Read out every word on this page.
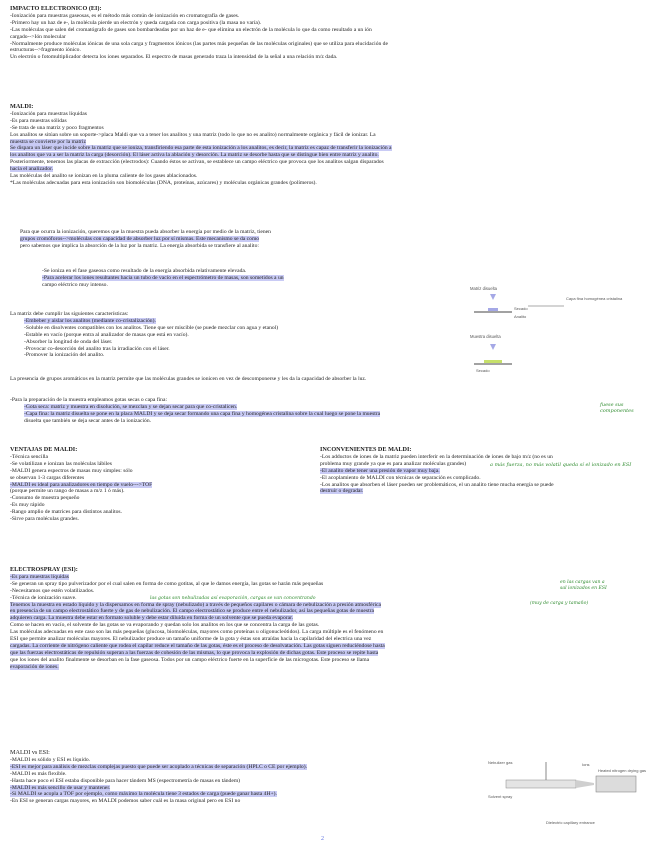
IMPACTO ELECTRÓNICO (EI):

-Ionización para muestras gaseosas, es el método más común de ionización en cromatografía de gases.

-Primero hay un haz de e-, la molécula pierde un electrón y queda cargada con carga positiva (la masa no varía).

-Las moléculas que salen del cromatógrafo de gases son bombardeadas por un haz de e- que elimina un electrón de la molécula lo que da como resultado a un ión

cargado-->Ión molecular

-Normalmente produce moléculas iónicas de una sola carga y fragmentos iónicos (las partes más pequeñas de las moléculas originales) que se utiliza para elucidación de

estructuras-->fragmento iónico.

Un electrón o fotomultiplicador detecta los iones separados. El espectro de masas generado traza la intensidad de la señal a una relación m/z dada.

MALDI:

-Ionización para muestras líquidas

-Es para muestras sólidas

-Se trata de una matriz y poco fragmentos

Los analitos se sitúan sobre un soporte->placa Maldi que va a tener los analitos y una matriz (todo lo que no es analito) normalmente orgánica y fácil de ionizar. La

muestra se convierte por la matriz

Se dispara un láser que incide sobre la matriz que se ioniza, transfiriendo esa parte de esta ionización a los analitos, es decir, la matriz es capaz de transferir la ionización a

los analitos que va a ser la matriz la carga (desorción). El láser activa la ablación y desorción. La matriz se desorbe hasta que se distingue bien entre matriz y analito.

Posteriormente, tenemos las placas de extracción (electrodos): Cuando éstos se activan, se establece un campo eléctrico que provoca que los analitos salgan disparados

hacia el analizador.

Las moléculas del analito se ionizan en la pluma caliente de los gases ablacionados.

*Las moléculas adecuadas para esta ionización son biomoléculas (DNA, proteínas, azúcares) y moléculas orgánicas grandes (polímeros).

Para que ocurra la ionización, queremos que la muestra pueda absorber la energía por medio de la matriz, tienen

grupos cromóforos-->moléculas con capacidad de absorber luz por sí mismas. Este mecanismo se da como

pero sabemos que implica la absorción de la luz por la matriz. La energía absorbida se transfiere al analito:

-Se ioniza en el fase gaseosa como resultado de la energía absorbida relativamente elevada.

-Para acelerar los iones resultantes hacia un tubo de vacío en el espectrómetro de masas, son sometidos a un

campo eléctrico muy intenso.

La matriz debe cumplir las siguientes características:

-Embeber y aislar los analitos (mediante co-cristalización).

-Soluble en disolventes compatibles con los analitos. Tiene que ser miscible (se puede mezclar con agua y etanol)

-Estable en vacío (porque entra al analizador de masas que está en vacío).

-Absorber la longitud de onda del láser.

-Provocar co-desorción del analito tras la irradiación con el láser.

-Promover la ionización del analito.

La presencia de grupos aromáticos en la matriz permite que las moléculas grandes se ionicen en vez de descomponerse y les da la capacidad de absorber la luz.

-Para la preparación de la muestra empleamos gotas secas o capa fina:

-Gota seca: matriz y muestra en disolución, se mezclan y se dejan secar para que co-cristalicen.

-Capa fina: la matriz disuelta se pone en la placa MALDI y se deja secar formando una capa fina y homogénea cristalina sobre la cual luego se pone la muestra

disuelta que también se deja secar antes de la ionización.

Matriz disuelta
Secado
Analito
Capa fina homogénea cristalina
Muestra disuelta
Secado
fuese sus
componentes

VENTAJAS DE MALDI:

-Técnica sencilla

-Se volatilizan e ionizan las moléculas lábiles

-MALDI genera espectros de masas muy simples: sólo

se observan 1-3 cargas diferentes

-MALDI es ideal para analizadores en tiempo de vuelo--->TOF

(porque permite un rango de masas a m/z 1 ó más).

-Consumo de muestra pequeño

-Es muy rápido

-Rango amplio de matrices para distintos analitos.

-Sirve para moléculas grandes.

INCONVENIENTES DE MALDI:

-Los adductos de iones de la matriz pueden interferir en la determinación de iones de bajo m/z (no es un

problema muy grande ya que es para analizar moléculas grandes)

-El analito debe tener una presión de vapor muy baja.

-El acoplamiento de MALDI con técnicas de separación es complicado.

-Los analitos que absorben el láser pueden ser problemáticos, el un analito tiene mucha energía se puede

destruir o degradar.

a más fuerza, no más volatil queda sí el ionizado en ESI

ELECTROSPRAY (ESI):

-Es para muestras líquidas

-Se generan un spray tipo pulverizador por el cual salen en forma de como gotitas, al que le damos energía, las gotas se harán más pequeñas

-Necesitamos que estén volatilizados.

-Técnica de ionización suave.

Tenemos la muestra en estado líquido y la dispersamos en forma de spray (nebulizado) a través de pequeños capilares o cámara de nebulización a presión atmosférica

en presencia de un campo electrostático fuerte y de gas de nebulización. El campo electrostático se produce entre el nebulizador, así las pequeñas gotas de muestra

adquieren carga. La muestra debe estar en formato soluble y debe estar diluida en forma de un solvente que se pueda evaporar.

Como se hacen en vacío, el solvente de las gotas se va evaporando y quedan solo los analitos en los que se concentra la carga de las gotas.

Las moléculas adecuadas en este caso son las más pequeñas (glucosa, biomoléculas, mayores como proteínas u oligonucleótidos). La carga múltiple es el fenómeno en

ESI que permite analizar moléculas mayores. El nebulizador produce un tamaño uniforme de la gota y éstas son atraídas hacia la capilaridad del electrica una vez

cargadas. La corriente de nitrógeno caliente que rodea el capilar reduce el tamaño de las gotas, éste es el proceso de desolvatación. Las gotas siguen reduciéndose hasta

que las fuerzas electrostáticas de repulsión superan a las fuerzas de cohesión de las mismas, lo que provoca la explosión de dichas gotas. Este proceso se repite hasta

que los iones del analito finalmente se desorban en la fase gaseosa. Todos por un campo eléctrico fuerte en la superficie de las microgotas. Este proceso se llama

evaporación de iones.

las gotas son nebulizadas así evaporación, cargas se van concentrando
(muy de carga y tamaño)
en las cargas van a
sal ionizados en ESI

MALDI vs ESI:

-MALDI es sólido y ESI es líquido.

-ESI es mejor para análisis de mezclas complejas puesto que puede ser acoplado a técnicas de separación (HPLC o CE por ejemplo).

-MALDI es más flexible.

-Hasta hace poco el ESI estaba disponible para hacer tándem MS (espectrometría de masas en tándem)

-MALDI es más sencillo de usar y mantener.

-Si MALDI se acopla a TOF por ejemplo, como máximo la molécula tiene 3 estados de carga (puede ganar hasta 4H+).

-En ESI se generan cargas mayores, en MALDI podemos saber cuál es la masa original pero en ESI no

Nebulizer gas
Solvent spray
Ions
Heated nitrogen drying gas
Dielectric capillary entrance
2
